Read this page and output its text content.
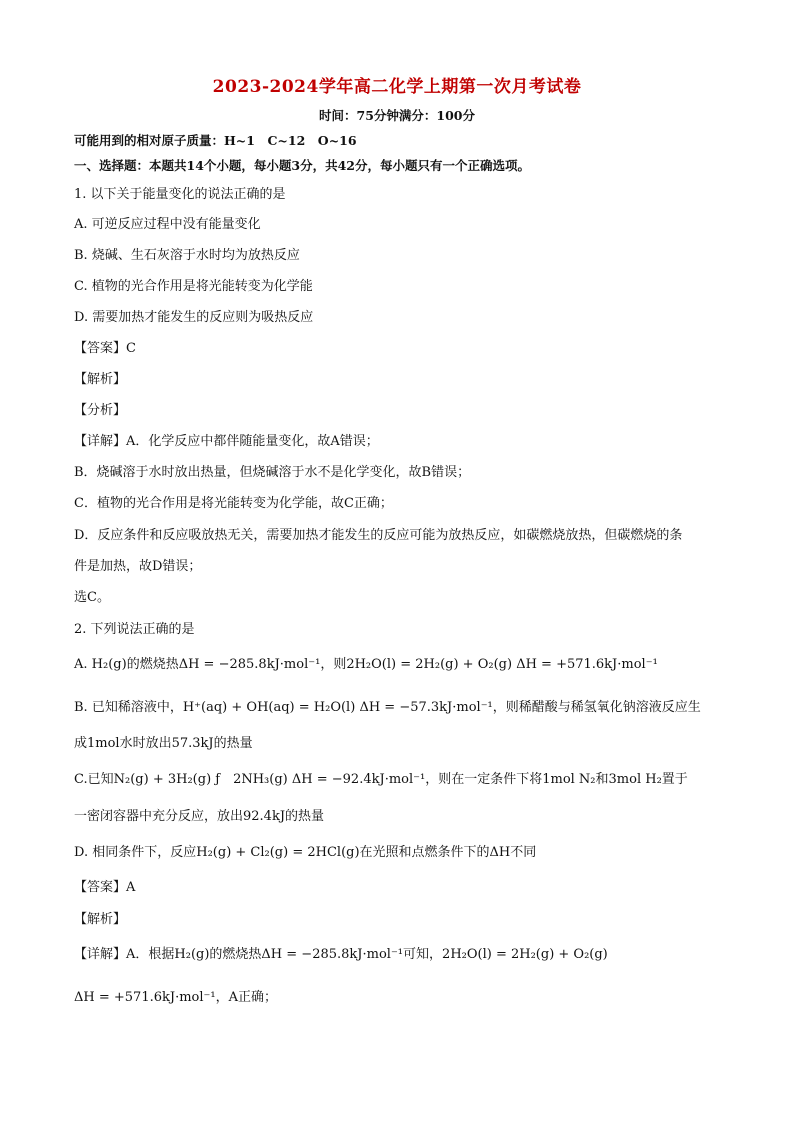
2023-2024学年高二化学上期第一次月考试卷
时间：75分钟满分：100分
可能用到的相对原子质量：H~1　C~12　O~16
一、选择题：本题共14个小题，每小题3分，共42分，每小题只有一个正确选项。
1. 以下关于能量变化的说法正确的是
A. 可逆反应过程中没有能量变化
B. 烧碱、生石灰溶于水时均为放热反应
C. 植物的光合作用是将光能转变为化学能
D. 需要加热才能发生的反应则为吸热反应
【答案】C
【解析】
【分析】
【详解】A．化学反应中都伴随能量变化，故A错误；
B．烧碱溶于水时放出热量，但烧碱溶于水不是化学变化，故B错误；
C．植物的光合作用是将光能转变为化学能，故C正确；
D．反应条件和反应吸放热无关，需要加热才能发生的反应可能为放热反应，如碳燃烧放热，但碳燃烧的条
件是加热，故D错误；
选C。
2. 下列说法正确的是
A. H₂(g)的燃烧热ΔH = −285.8kJ·mol⁻¹，则2H₂O(l) = 2H₂(g) + O₂(g) ΔH = +571.6kJ·mol⁻¹
B. 已知稀溶液中，H⁺(aq) + OH(aq) = H₂O(l) ΔH = −57.3kJ·mol⁻¹，则稀醋酸与稀氢氧化钠溶液反应生
成1mol水时放出57.3kJ的热量
C.已知N₂(g) + 3H₂(g) ƒ　2NH₃(g) ΔH = −92.4kJ·mol⁻¹，则在一定条件下将1mol N₂和3mol H₂置于
一密闭容器中充分反应，放出92.4kJ的热量
D. 相同条件下，反应H₂(g) + Cl₂(g) = 2HCl(g)在光照和点燃条件下的ΔH不同
【答案】A
【解析】
【详解】A．根据H₂(g)的燃烧热ΔH = −285.8kJ·mol⁻¹可知，2H₂O(l) = 2H₂(g) + O₂(g)
ΔH = +571.6kJ·mol⁻¹，A正确；
